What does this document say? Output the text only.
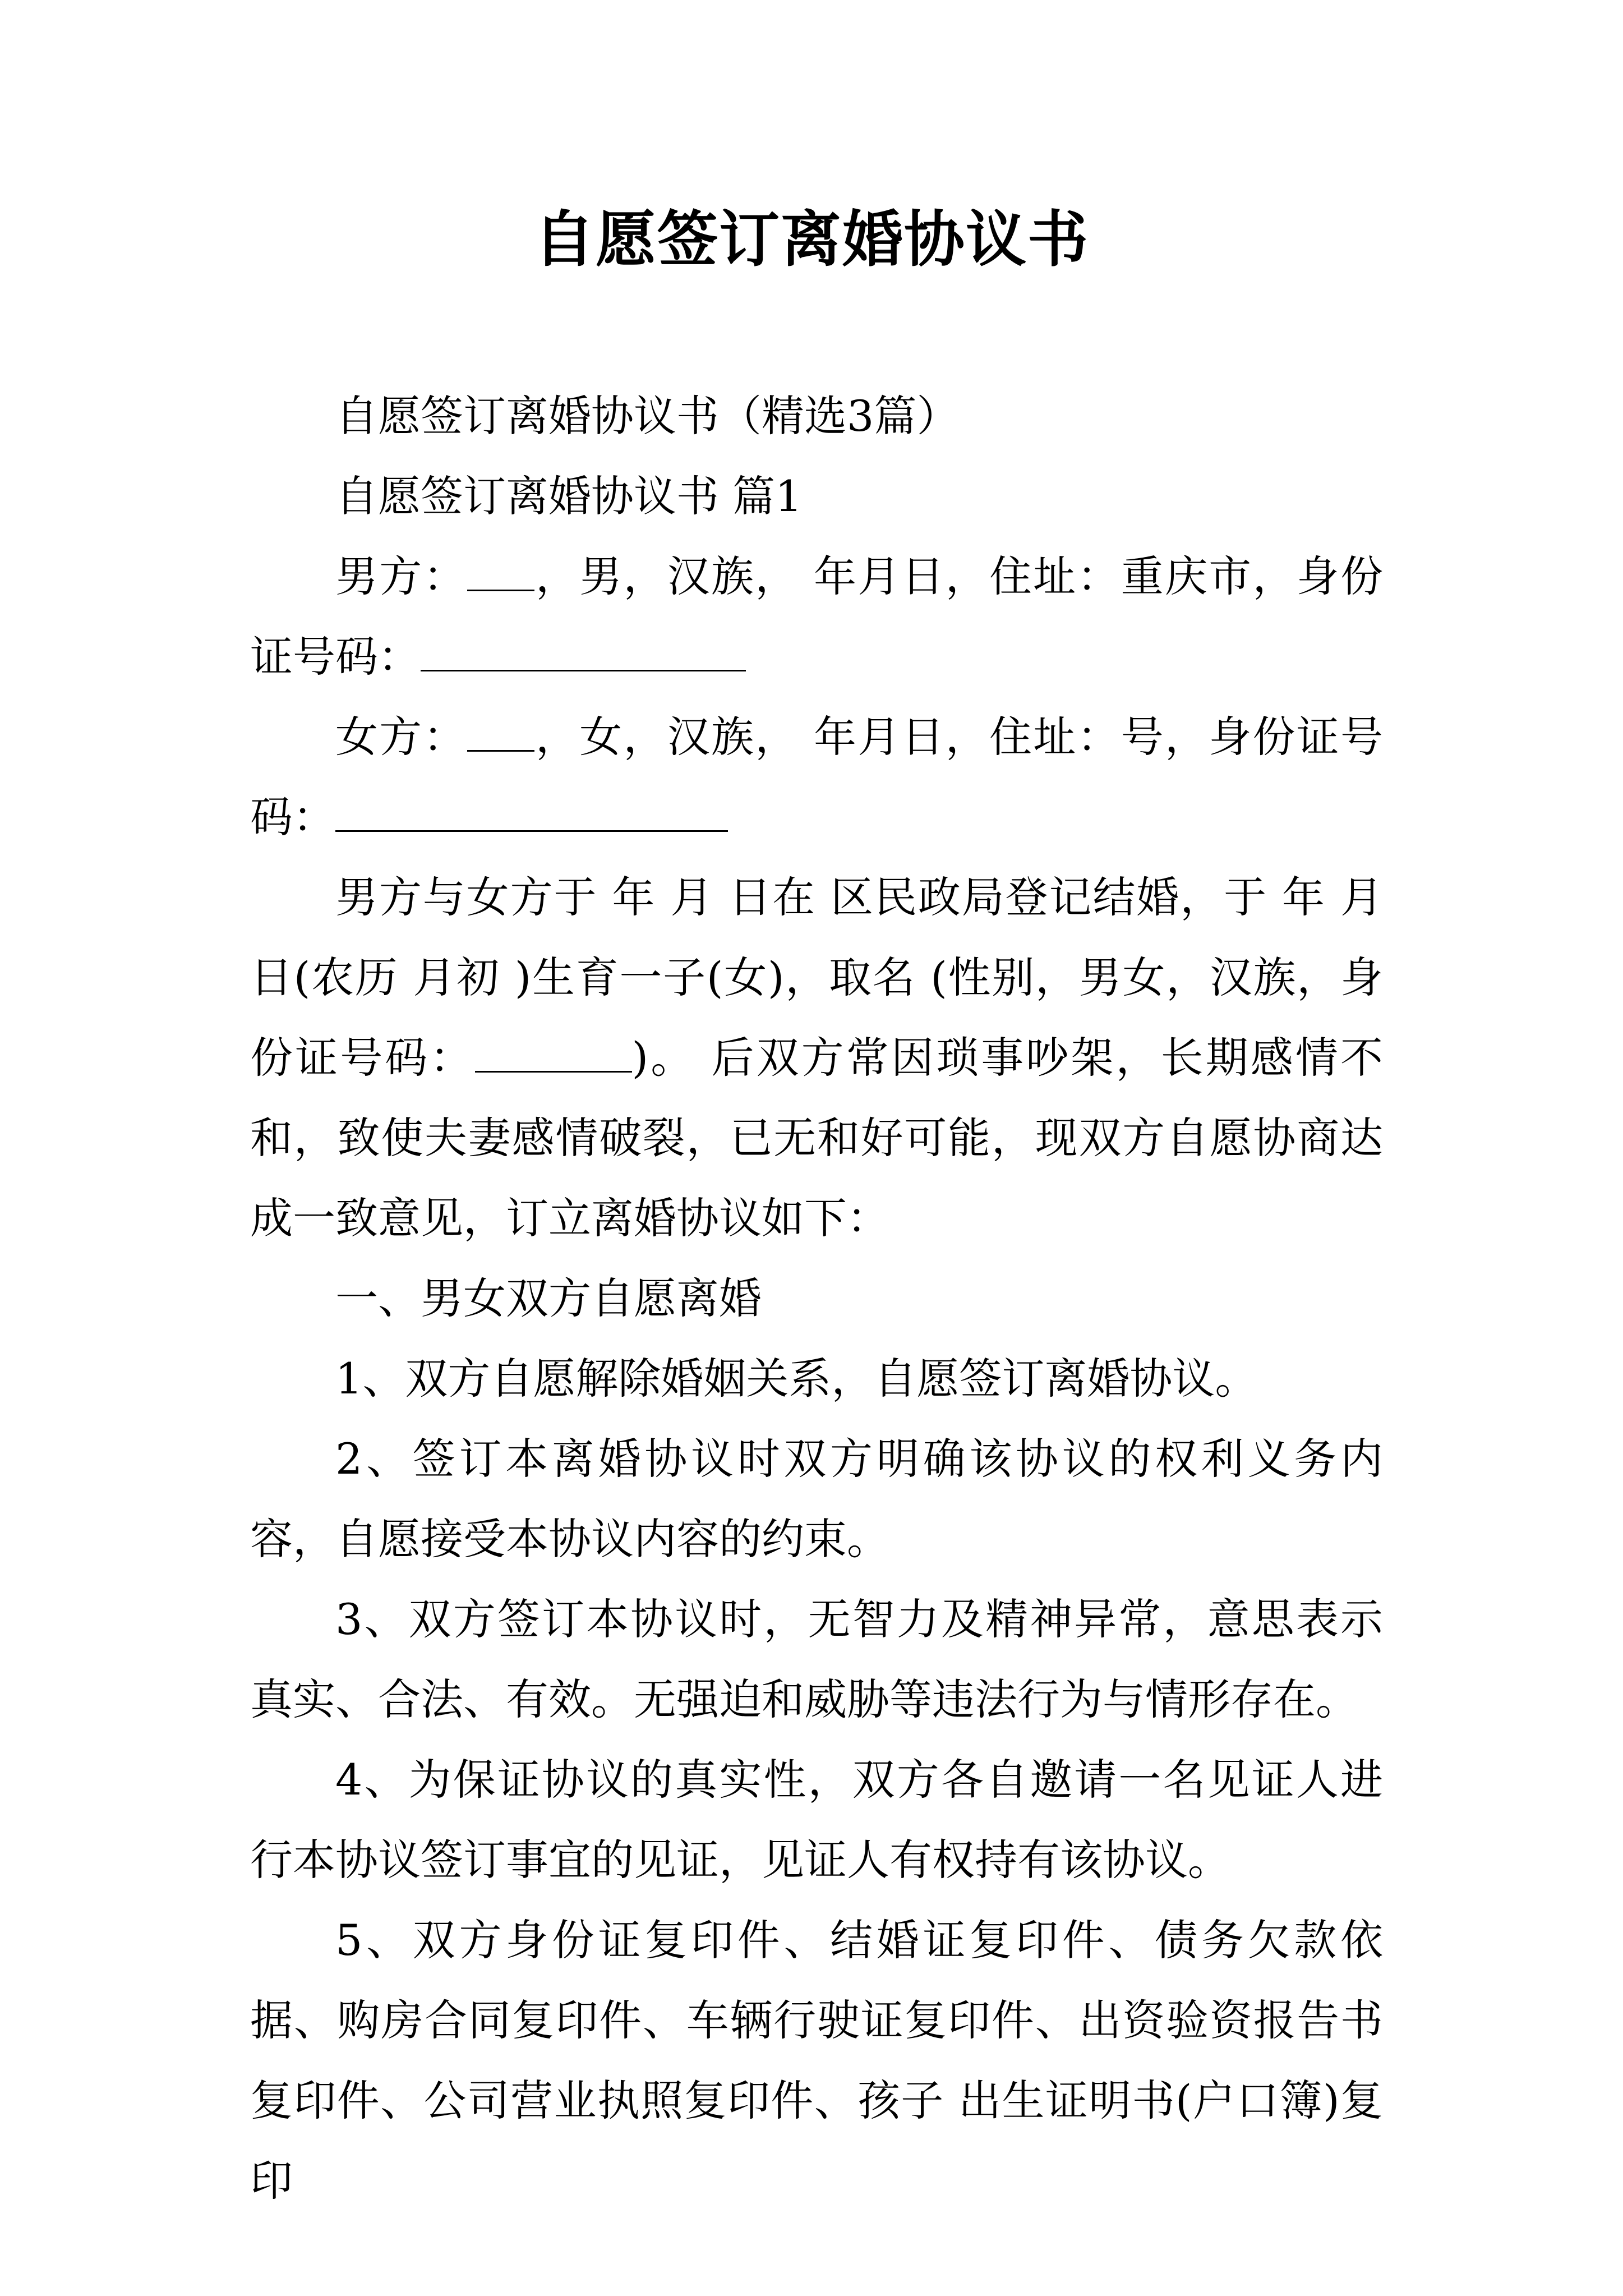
自愿签订离婚协议书

自愿签订离婚协议书（精选3篇）

自愿签订离婚协议书 篇1

男方： ，男，汉族， 年月日，住址：重庆市，身份证号码：

女方： ，女，汉族， 年月日，住址：号，身份证号码：

男方与女方于 年 月 日在 区民政局登记结婚，于 年 月 日(农历 月初 )生育一子(女)，取名 (性别，男女，汉族，身份证号码：	)。 后双方常因琐事吵架，长期感情不和，致使夫妻感情破裂，已无和好可能，现双方自愿协商达成一致意见，订立离婚协议如下：

一、男女双方自愿离婚

1、双方自愿解除婚姻关系，自愿签订离婚协议。

2、签订本离婚协议时双方明确该协议的权利义务内容，自愿接受本协议内容的约束。

3、双方签订本协议时，无智力及精神异常，意思表示真实、合法、有效。无强迫和威胁等违法行为与情形存在。

4、为保证协议的真实性，双方各自邀请一名见证人进行本协议签订事宜的见证，见证人有权持有该协议。

5、双方身份证复印件、结婚证复印件、债务欠款依据、购房合同复印件、车辆行驶证复印件、出资验资报告书复印件、公司营业执照复印件、孩子 出生证明书(户口簿)复印
